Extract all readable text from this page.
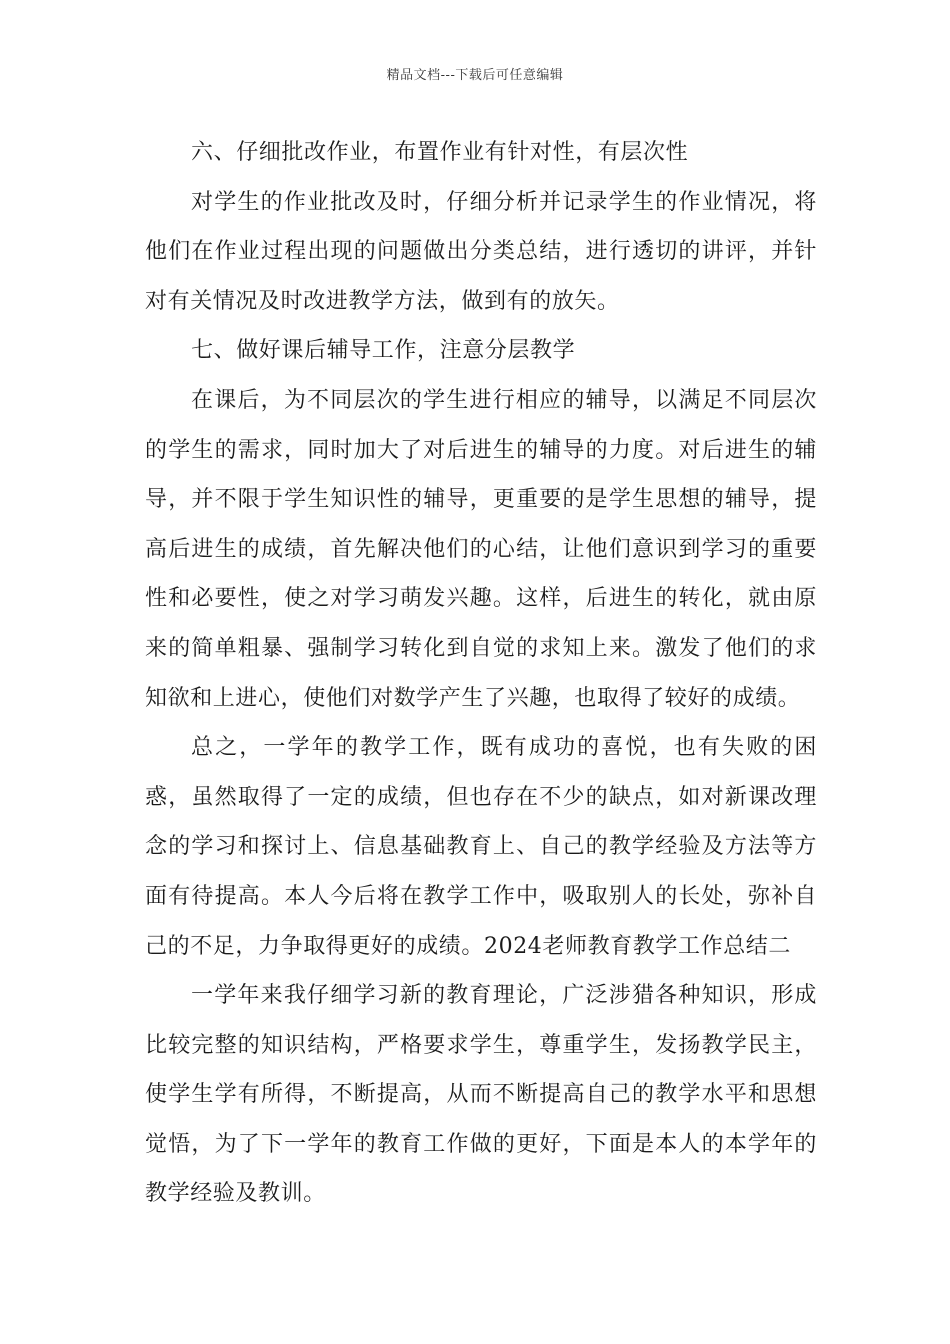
精品文档---下载后可任意编辑

六、仔细批改作业，布置作业有针对性，有层次性

对学生的作业批改及时，仔细分析并记录学生的作业情况，将他们在作业过程出现的问题做出分类总结，进行透切的讲评，并针对有关情况及时改进教学方法，做到有的放矢。

七、做好课后辅导工作，注意分层教学

在课后，为不同层次的学生进行相应的辅导，以满足不同层次的学生的需求，同时加大了对后进生的辅导的力度。对后进生的辅导，并不限于学生知识性的辅导，更重要的是学生思想的辅导，提高后进生的成绩，首先解决他们的心结，让他们意识到学习的重要性和必要性，使之对学习萌发兴趣。这样，后进生的转化，就由原来的简单粗暴、强制学习转化到自觉的求知上来。激发了他们的求知欲和上进心，使他们对数学产生了兴趣，也取得了较好的成绩。

总之，一学年的教学工作，既有成功的喜悦，也有失败的困惑，虽然取得了一定的成绩，但也存在不少的缺点，如对新课改理念的学习和探讨上、信息基础教育上、自己的教学经验及方法等方面有待提高。本人今后将在教学工作中，吸取别人的长处，弥补自己的不足，力争取得更好的成绩。2024老师教育教学工作总结二

一学年来我仔细学习新的教育理论，广泛涉猎各种知识，形成比较完整的知识结构，严格要求学生，尊重学生，发扬教学民主，使学生学有所得，不断提高，从而不断提高自己的教学水平和思想觉悟，为了下一学年的教育工作做的更好，下面是本人的本学年的教学经验及教训。
